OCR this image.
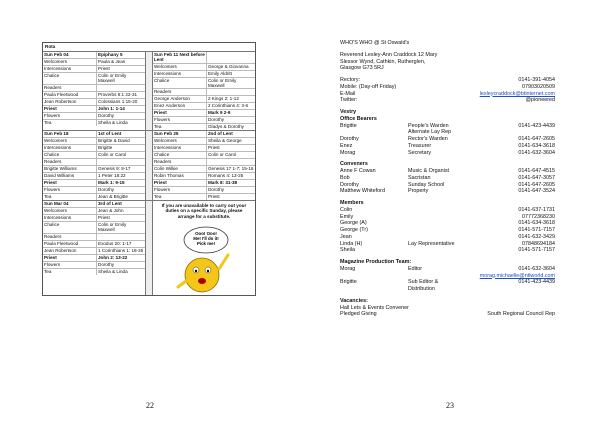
Rota
Sun Feb 04	Epiphany 5
Welcomers	Paula & Jean
Intercessions	Priest
Chalice	Colin or Emily Maxwell
Readers
Paula Fleetwood	Proverbs 8:1 22-31
Jean Robertson	Colossians 1:15-20
Priest	John 1: 1-14
Flowers	Dorothy
Tea	Sheila & Linda
Sun Feb 11 Next before Lent
Welcomers	George & Giovanna
Intercessions	Emily Aldritt
Chalice	Colin or Emily Maxwell
Readers
George Anderson	2 Kings 2: 1-12
Enez Anderson	2 Corinthians 4: 3-6
Priest	Mark 9 2-9
Flowers	Dorothy
Tea	Gladys & Dorothy
Sun Feb 18	1st of Lent
Welcomers	Brigitte & David
Intercessions	Brigitte
Chalice	Colin or Carol
Readers
Brigitte Williams	Genesis 9: 8-17
David Williams	1 Peter 18:22
Priest	Mark 1: 9-15
Flowers	Dorothy
Tea	Jean & Brigitte
Sun Feb 25	2nd of Lent
Welcomers	Sheila & George
Intercessions	Priest
Chalice	Colin or Carol
Readers
Colin Wilkie	Genesis 17 1-7; 15-16
Robin Thomas	Romans 4: 13-25
Priest	Mark 8: 31-38
Flowers	Dorothy
Tea	Priest
Sun Mar 04	3rd of Lent
Welcomers	Jean & John
Intercessions	Priest
Chalice	Colin or Emily Maxwell
Readers
Paula Fleetwood	Exodus 20: 1-17
Jean Robertson	1 Corinthians 1: 18-25
Priest	John 2: 13-22
Flowers	Dorothy
Tea	Sheila & Linda
If you are unavailable to carry out your duties on a specific Sunday, please arrange for a substitute.
Ooo! Ooo!
Me! I'll do it!
Pick me!
22
WHO'S WHO @ St Oswald's
Reverend Lesley-Ann Craddock 12 Mary
Slessor Wynd, Cathkin, Rutherglen,
Glasgow G73 5RJ
Rectory:	0141-391-4054
Mobile: (Day-off Friday)	07903020509
E-Mail	lesleycraddock@btinternet.com
Twitter:	@pioneered
Vestry
Office Bearers
Brigitte	People's Warden	0141-423-4439
Alternate Lay Rep
Dorothy	Rector's Warden	0141-647-2605
Enez	Treasurer	0141-634-3618
Morag	Secretary	0141-632-3604
Conveners
Anne F Cowan	Music & Organist	0141-647-4515
Bob	Sacristan	0141-647-3057
Dorothy	Sunday School	0141-647-2605
Matthew Whiteford	Property	0141-647-3524
Members
Colin	0141-637-1731
Emily	07772368230
George (A)	0141-634-3618
George (Tr)	0141-571-7157
Jean	0141-632-3429
Linda (H)	Lay Representative	07848694184
Sheila	0141-571-7157
Magazine Production Team:
Morag	Editor	0141-632-3604
morag.michaelle@ntlworld.com
Brigitte	Sub Editor &	0141-423-4439
Distribution
Vacancies:
Hall Lets & Events Convener
Pledged Giving	South Regional Council Rep
23
